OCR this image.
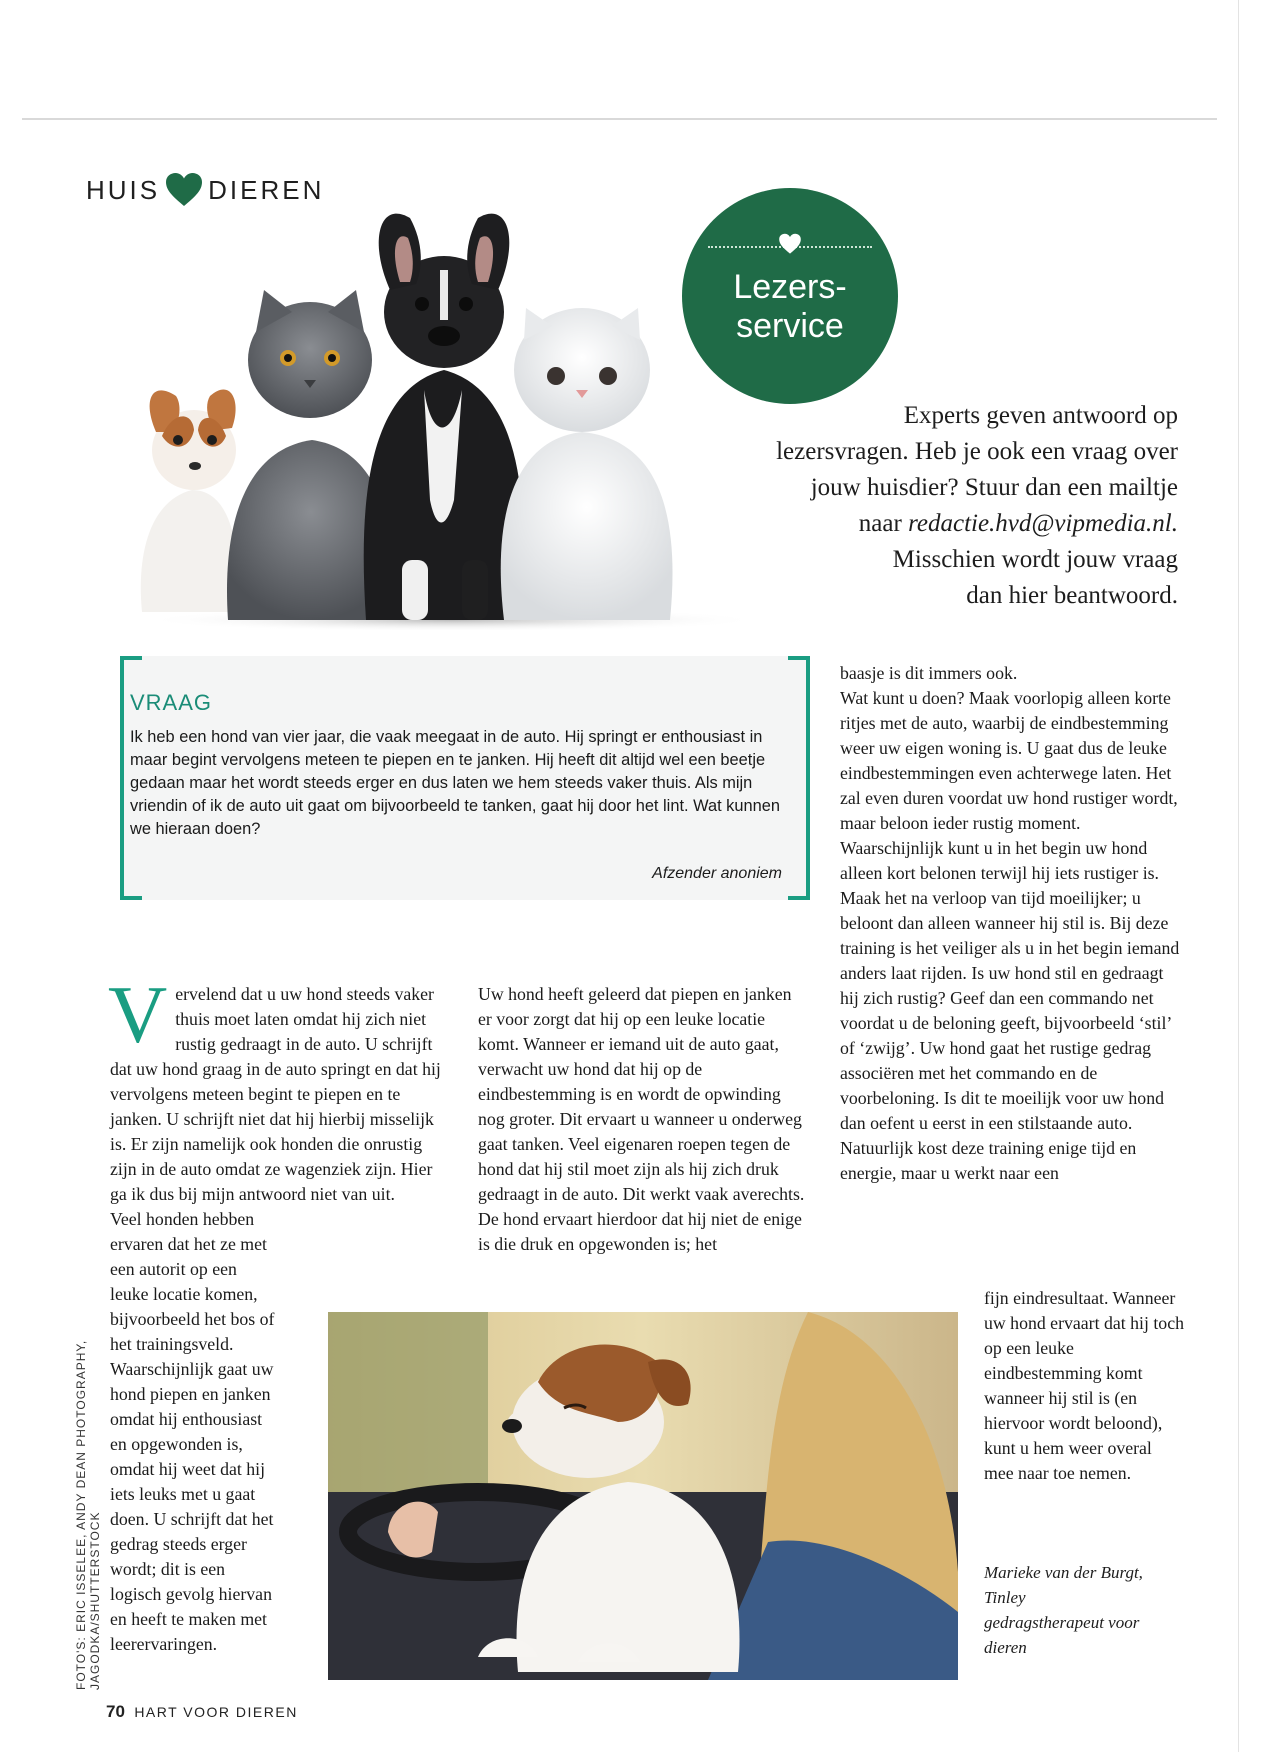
HUIS DIEREN
Lezers-
service
Experts geven antwoord op
lezersvragen. Heb je ook een vraag over
jouw huisdier? Stuur dan een mailtje
naar redactie.hvd@vipmedia.nl.
Misschien wordt jouw vraag
dan hier beantwoord.
VRAAG
Ik heb een hond van vier jaar, die vaak meegaat in de auto. Hij springt er enthousiast in maar begint vervolgens meteen te piepen en te janken. Hij heeft dit altijd wel een beetje gedaan maar het wordt steeds erger en dus laten we hem steeds vaker thuis. Als mijn vriendin of ik de auto uit gaat om bijvoorbeeld te tanken, gaat hij door het lint. Wat kunnen we hieraan doen?
Afzender anoniem

Vervelend dat u uw hond steeds vaker thuis moet laten omdat hij zich niet rustig gedraagt in de auto. U schrijft dat uw hond graag in de auto springt en dat hij vervolgens meteen begint te piepen en te janken. U schrijft niet dat hij hierbij misselijk is. Er zijn namelijk ook honden die onrustig zijn in de auto omdat ze wagenziek zijn. Hier ga ik dus bij mijn antwoord niet van uit.

Veel honden hebben ervaren dat het ze met een autorit op een leuke locatie komen, bijvoorbeeld het bos of het trainingsveld. Waarschijnlijk gaat uw hond piepen en janken omdat hij enthousiast en opgewonden is, omdat hij weet dat hij iets leuks met u gaat doen. U schrijft dat het gedrag steeds erger wordt; dit is een logisch gevolg hiervan en heeft te maken met leerervaringen.

Uw hond heeft geleerd dat piepen en janken er voor zorgt dat hij op een leuke locatie komt. Wanneer er iemand uit de auto gaat, verwacht uw hond dat hij op de eindbestemming is en wordt de opwinding nog groter. Dit ervaart u wanneer u onderweg gaat tanken. Veel eigenaren roepen tegen de hond dat hij stil moet zijn als hij zich druk gedraagt in de auto. Dit werkt vaak averechts. De hond ervaart hierdoor dat hij niet de enige is die druk en opgewonden is; het

baasje is dit immers ook.

Wat kunt u doen? Maak voorlopig alleen korte ritjes met de auto, waarbij de eindbestemming weer uw eigen woning is. U gaat dus de leuke eindbestemmingen even achterwege laten. Het zal even duren voordat uw hond rustiger wordt, maar beloon ieder rustig moment. Waarschijnlijk kunt u in het begin uw hond alleen kort belonen terwijl hij iets rustiger is. Maak het na verloop van tijd moeilijker; u beloont dan alleen wanneer hij stil is. Bij deze training is het veiliger als u in het begin iemand anders laat rijden. Is uw hond stil en gedraagt hij zich rustig? Geef dan een commando net voordat u de beloning geeft, bijvoorbeeld ‘stil’ of ‘zwijg’. Uw hond gaat het rustige gedrag associëren met het commando en de voorbeloning. Is dit te moeilijk voor uw hond dan oefent u eerst in een stilstaande auto.

Natuurlijk kost deze training enige tijd en energie, maar u werkt naar een

fijn eindresultaat. Wanneer uw hond ervaart dat hij toch op een leuke eindbestemming komt wanneer hij stil is (en hiervoor wordt beloond), kunt u hem weer overal mee naar toe nemen.

Marieke van der Burgt,
Tinley
gedragstherapeut voor dieren
FOTO'S: ERIC ISSELEE, ANDY DEAN PHOTOGRAPHY, JAGODKA/SHUTTERSTOCK
70 HART VOOR DIEREN
